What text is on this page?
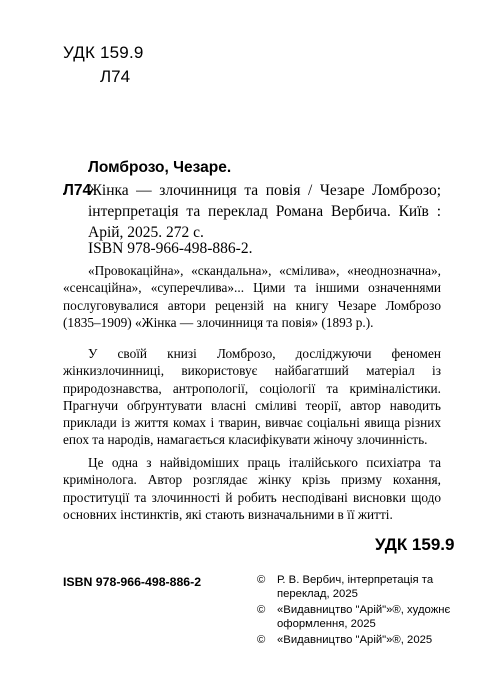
УДК 159.9
Л74
Ломброзо, Чезаре.
Л74
Жінка — злочинниця та повія / Чезаре Ломброзо; інтерпретація та переклад Романа Вербича. Київ : Арій, 2025. 272 с.
ISBN 978-966-498-886-2.
«Провокаційна», «скандальна», «смілива», «неоднозначна», «сенсаційна», «суперечлива»... Цими та іншими означеннями послуговувалися автори рецензій на книгу Чезаре Ломброзо (1835–1909) «Жінка — злочинниця та повія» (1893 р.).
У своїй книзі Ломброзо, досліджуючи феномен жінкизлочинниці, використовує найбагатший матеріал із природознавства, антропології, соціології та криміналістики. Прагнучи обґрунтувати власні сміливі теорії, автор наводить приклади із життя комах і тварин, вивчає соціальні явища різних епох та народів, намагається класифікувати жіночу злочинність.
Це одна з найвідоміших праць італійського психіатра та кримінолога. Автор розглядає жінку крізь призму кохання, проституції та злочинності й робить несподівані висновки щодо основних інстинктів, які стають визначальними в її житті.
УДК 159.9
ISBN 978-966-498-886-2	© Р. В. Вербич, інтерпретація та переклад, 2025
© «Видавництво "Арій"»®, художнє оформлення, 2025
© «Видавництво "Арій"»®, 2025
